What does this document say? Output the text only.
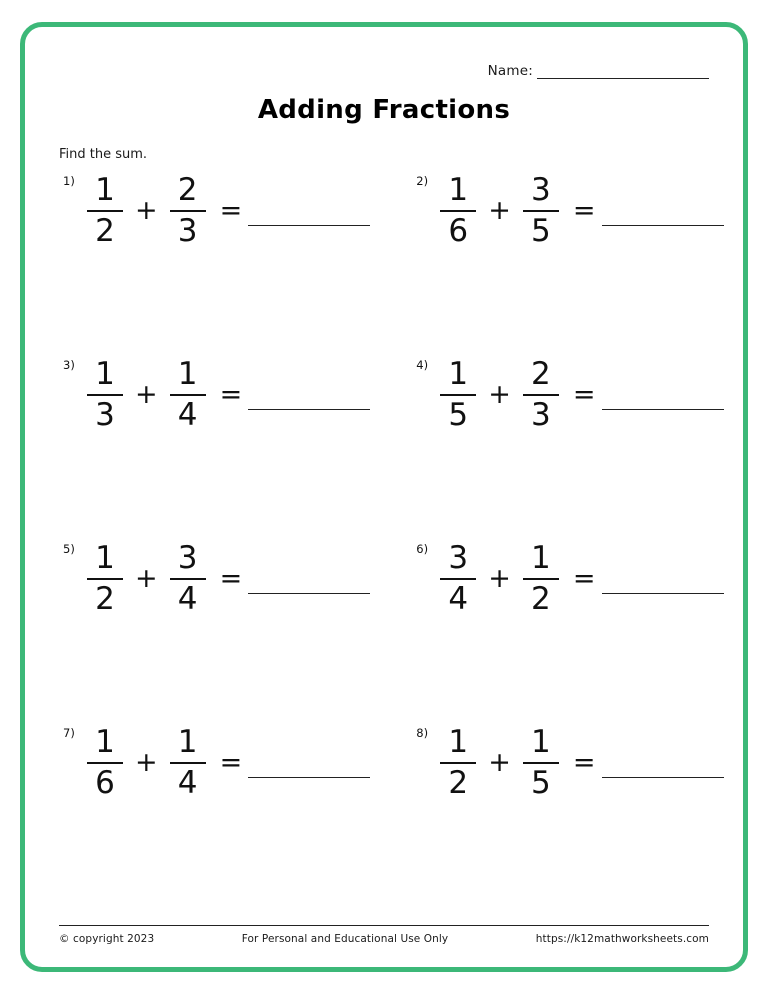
Name:
Adding Fractions
Find the sum.
$1) \frac{1}{2} + \frac{2}{3}$ =
$2) \frac{1}{6} + \frac{3}{5}$ =
$3) \frac{1}{3} + \frac{1}{4}$ =
$4) \frac{1}{5} + \frac{2}{3}$ =
$5) \frac{1}{2} + \frac{3}{4}$ =
$6) \frac{3}{4} + \frac{1}{2}$ =
$7) \frac{1}{6} + \frac{1}{4}$ =
$8) \frac{1}{2} + \frac{1}{5}$ =
© copyright 2023	For Personal and Educational Use Only	https://k12mathworksheets.com
